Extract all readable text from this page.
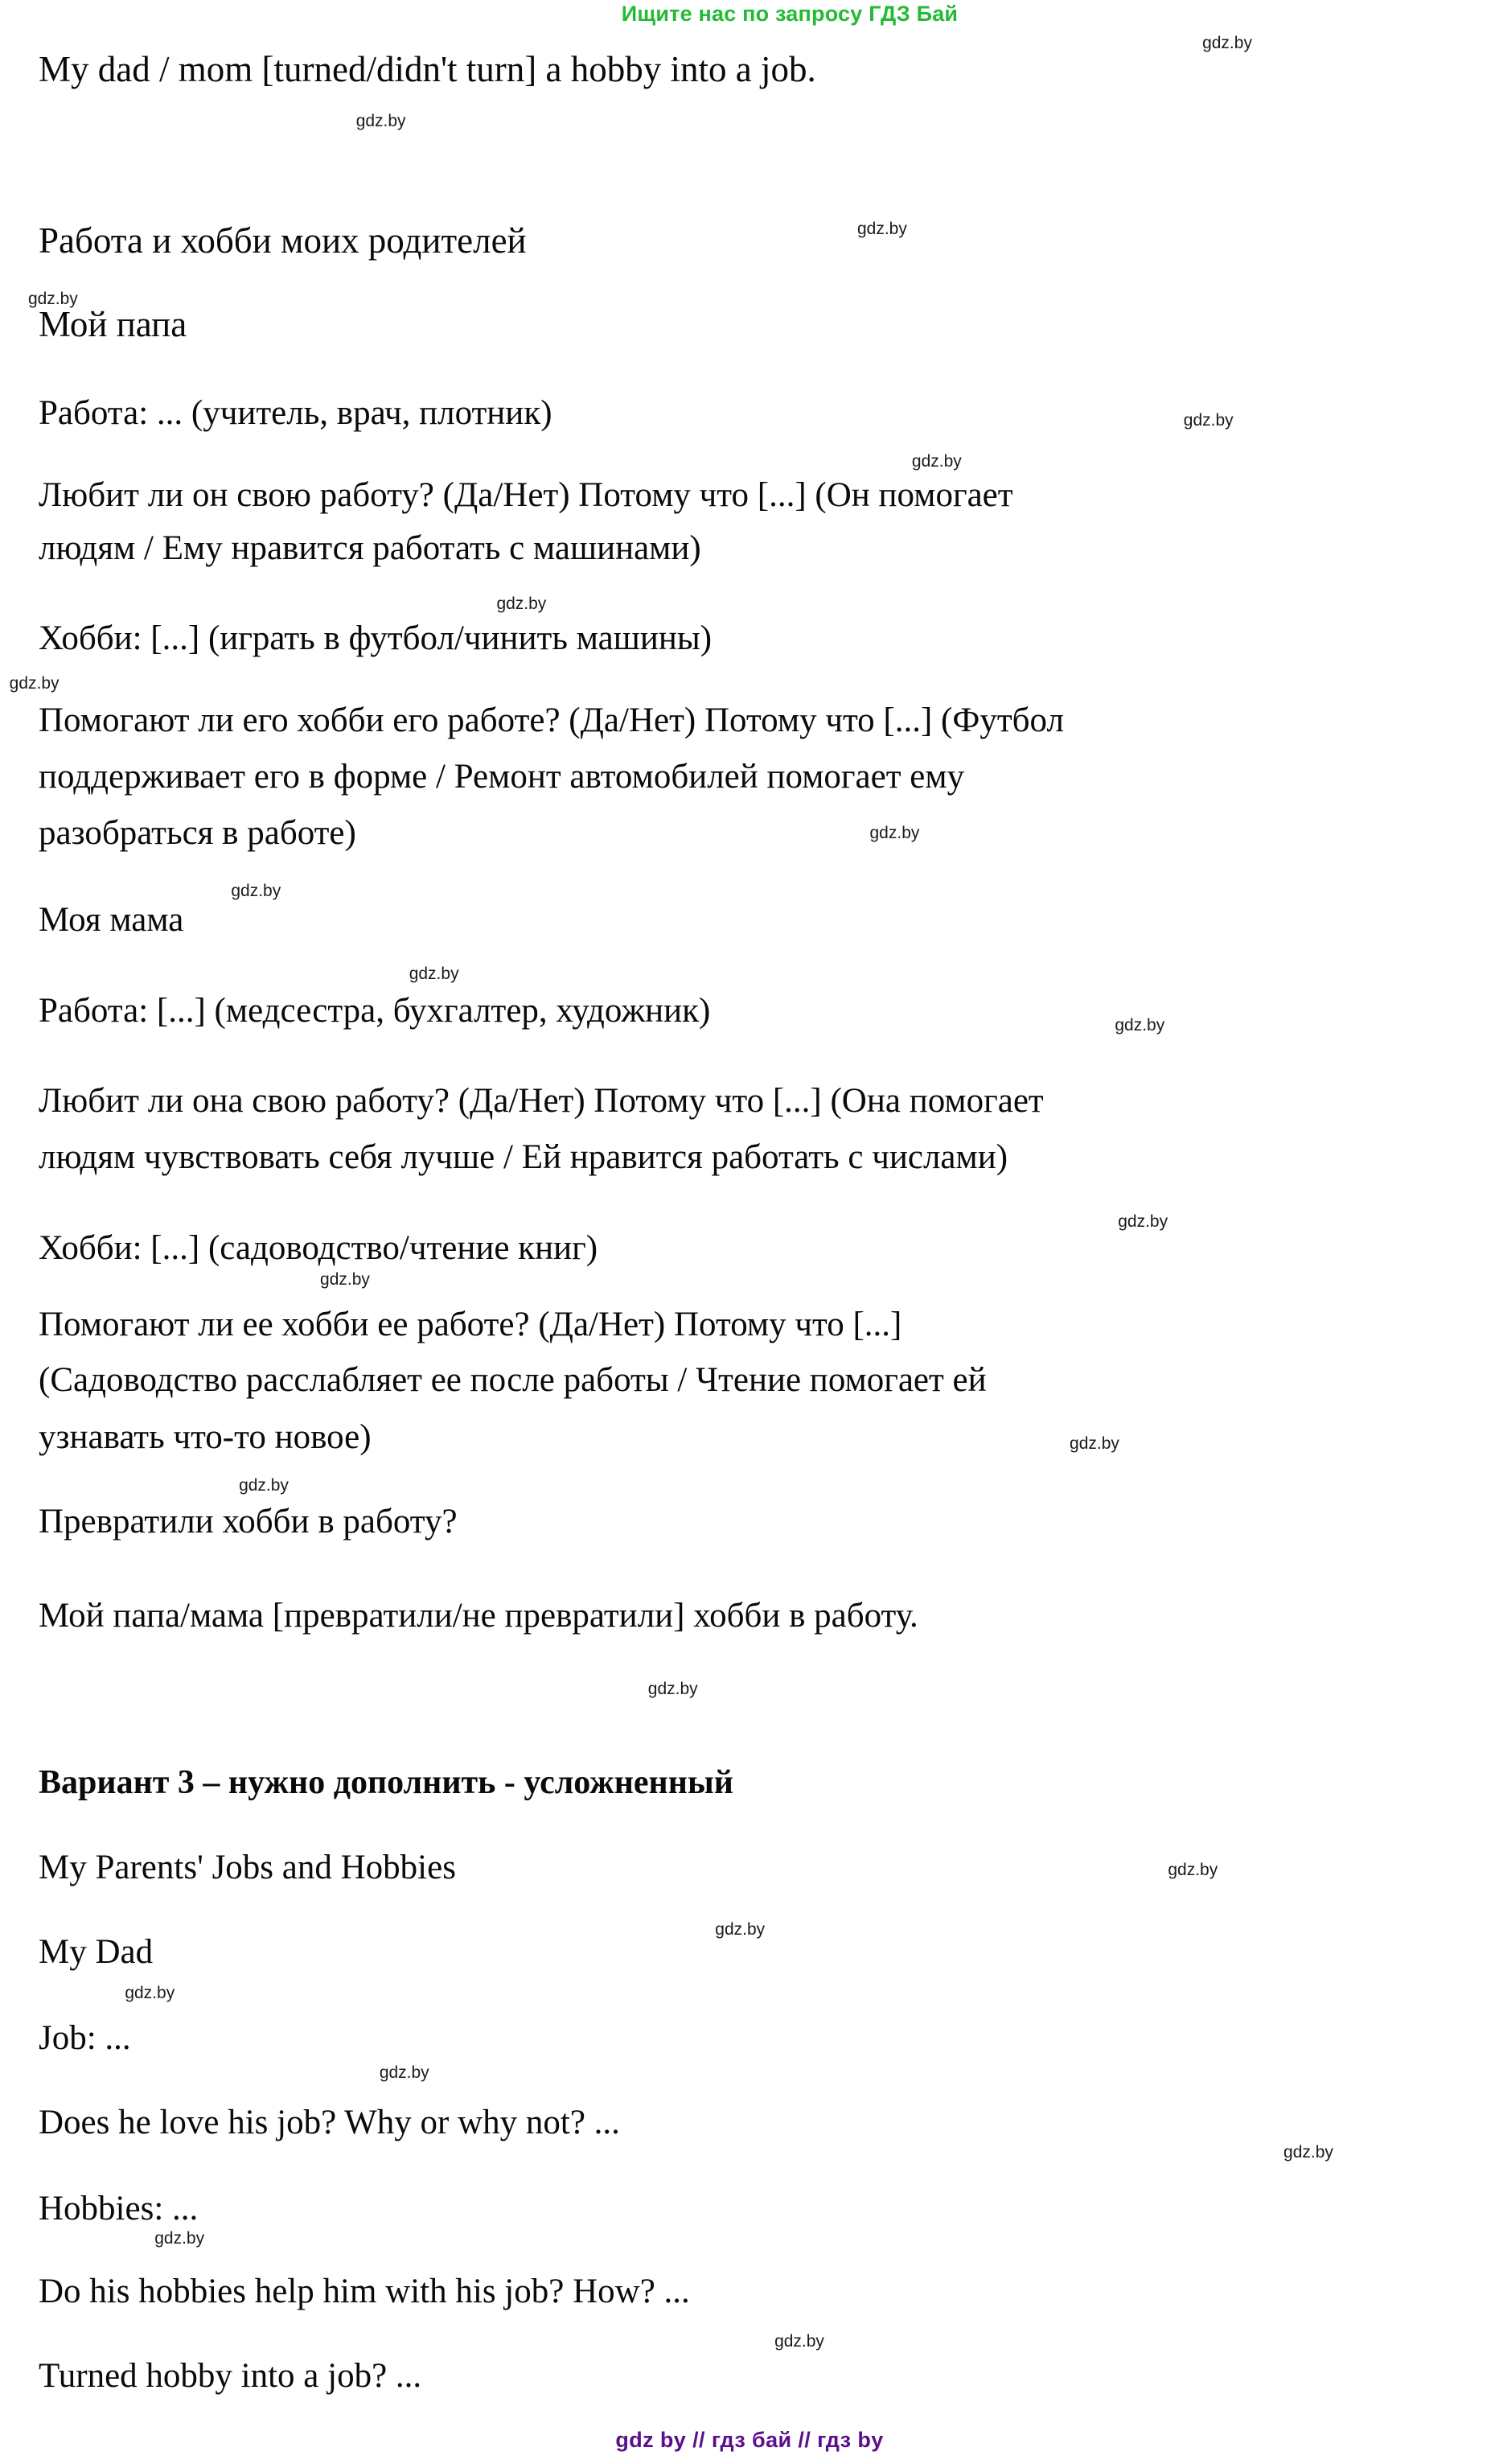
Ищите нас по запросу ГДЗ Бай
My dad / mom [turned/didn't turn] a hobby into a job.
Работа и хобби моих родителей
Мой папа
Работа: ... (учитель, врач, плотник)
Любит ли он свою работу? (Да/Нет) Потому что [...] (Он помогает
людям / Ему нравится работать с машинами)
Хобби: [...] (играть в футбол/чинить машины)
Помогают ли его хобби его работе? (Да/Нет) Потому что [...] (Футбол
поддерживает его в форме / Ремонт автомобилей помогает ему
разобраться в работе)
Моя мама
Работа: [...] (медсестра, бухгалтер, художник)
Любит ли она свою работу? (Да/Нет) Потому что [...] (Она помогает
людям чувствовать себя лучше / Ей нравится работать с числами)
Хобби: [...] (садоводство/чтение книг)
Помогают ли ее хобби ее работе? (Да/Нет) Потому что [...]
(Садоводство расслабляет ее после работы / Чтение помогает ей
узнавать что-то новое)
Превратили хобби в работу?
Мой папа/мама [превратили/не превратили] хобби в работу.
Вариант 3 – нужно дополнить - усложненный
My Parents' Jobs and Hobbies
My Dad
Job: ...
Does he love his job? Why or why not? ...
Hobbies: ...
Do his hobbies help him with his job? How? ...
Turned hobby into a job? ...
gdz.by
gdz.by
gdz.by
gdz.by
gdz.by
gdz.by
gdz.by
gdz.by
gdz.by
gdz.by
gdz.by
gdz.by
gdz.by
gdz.by
gdz.by
gdz.by
gdz.by
gdz.by
gdz.by
gdz.by
gdz.by
gdz.by
gdz.by
gdz.by
gdz by // гдз бай // гдз by
